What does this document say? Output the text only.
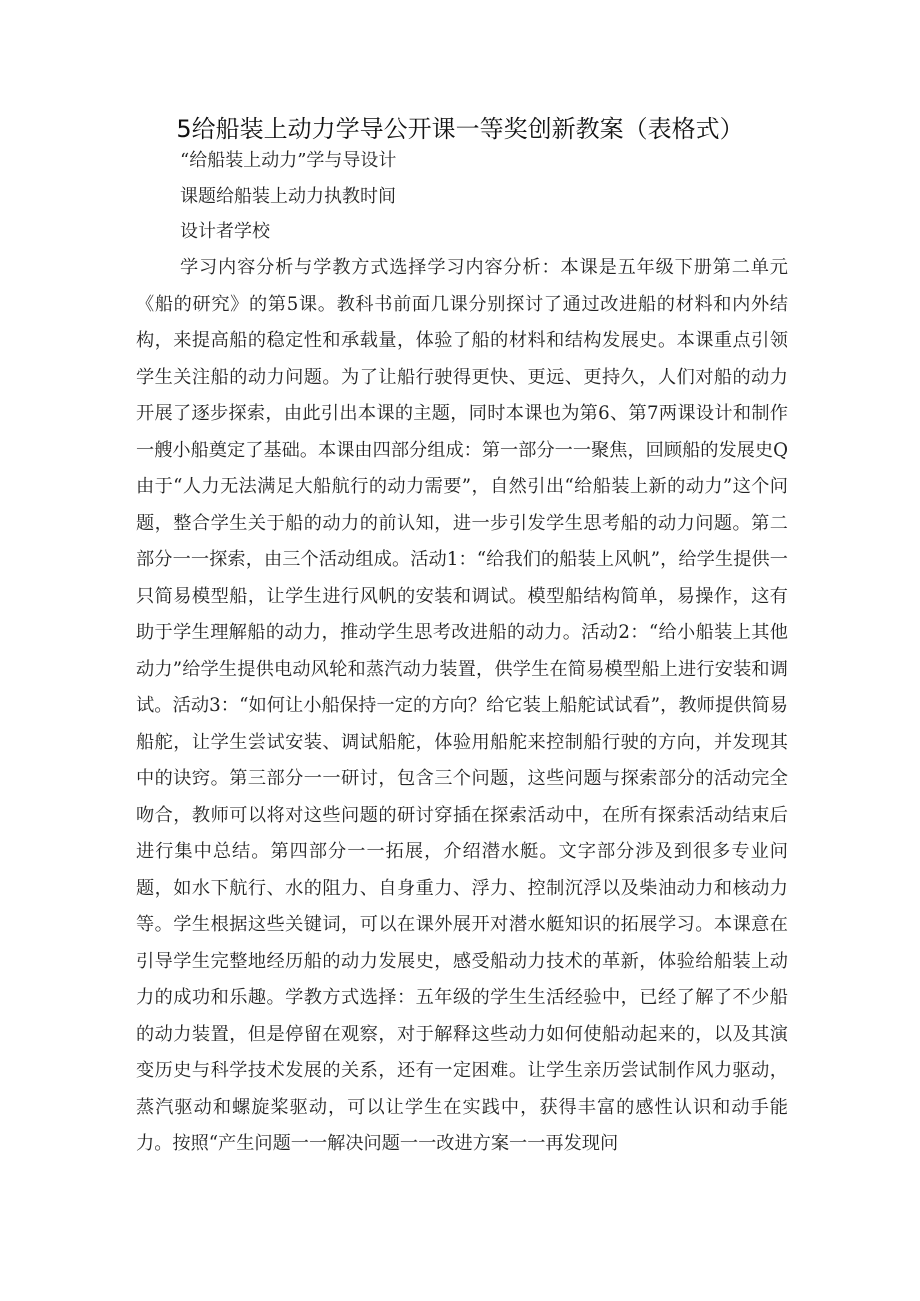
5给船装上动力学导公开课一等奖创新教案（表格式）
“给船装上动力”学与导设计
课题给船装上动力执教时间
设计者学校

学习内容分析与学教方式选择学习内容分析：本课是五年级下册第二单元《船的研究》的第5课。教科书前面几课分别探讨了通过改进船的材料和内外结构，来提高船的稳定性和承载量，体验了船的材料和结构发展史。本课重点引领学生关注船的动力问题。为了让船行驶得更快、更远、更持久，人们对船的动力开展了逐步探索，由此引出本课的主题，同时本课也为第6、第7两课设计和制作一艘小船奠定了基础。本课由四部分组成：第一部分一一聚焦，回顾船的发展史Q由于“人力无法满足大船航行的动力需要”，自然引出“给船装上新的动力”这个问题，整合学生关于船的动力的前认知，进一步引发学生思考船的动力问题。第二部分一一探索，由三个活动组成。活动1：“给我们的船装上风帆”，给学生提供一只简易模型船，让学生进行风帆的安装和调试。模型船结构简单，易操作，这有助于学生理解船的动力，推动学生思考改进船的动力。活动2：“给小船装上其他动力”给学生提供电动风轮和蒸汽动力装置，供学生在简易模型船上进行安装和调试。活动3：“如何让小船保持一定的方向？给它装上船舵试试看”，教师提供简易船舵，让学生尝试安装、调试船舵，体验用船舵来控制船行驶的方向，并发现其中的诀窍。第三部分一一研讨，包含三个问题，这些问题与探索部分的活动完全吻合，教师可以将对这些问题的研讨穿插在探索活动中，在所有探索活动结束后进行集中总结。第四部分一一拓展，介绍潜水艇。文字部分涉及到很多专业问题，如水下航行、水的阻力、自身重力、浮力、控制沉浮以及柴油动力和核动力等。学生根据这些关键词，可以在课外展开对潜水艇知识的拓展学习。本课意在引导学生完整地经历船的动力发展史，感受船动力技术的革新，体验给船装上动力的成功和乐趣。学教方式选择：五年级的学生生活经验中，已经了解了不少船的动力装置，但是停留在观察，对于解释这些动力如何使船动起来的，以及其演变历史与科学技术发展的关系，还有一定困难。让学生亲历尝试制作风力驱动，蒸汽驱动和螺旋桨驱动，可以让学生在实践中，获得丰富的感性认识和动手能力。按照“产生问题一一解决问题一一改进方案一一再发现问
